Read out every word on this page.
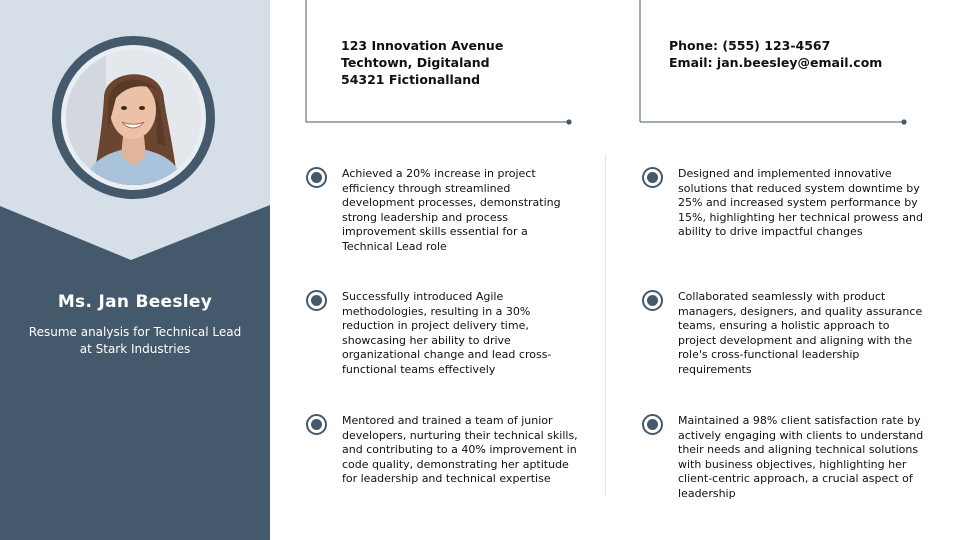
Ms. Jan Beesley
Resume analysis for Technical Lead at Stark Industries
123 Innovation Avenue
Techtown, Digitaland
54321 Fictionalland
Phone: (555) 123-4567
Email: jan.beesley@email.com
Achieved a 20% increase in project efficiency through streamlined development processes, demonstrating strong leadership and process improvement skills essential for a Technical Lead role
Successfully introduced Agile methodologies, resulting in a 30% reduction in project delivery time, showcasing her ability to drive organizational change and lead cross-functional teams effectively
Mentored and trained a team of junior developers, nurturing their technical skills, and contributing to a 40% improvement in code quality, demonstrating her aptitude for leadership and technical expertise
Designed and implemented innovative solutions that reduced system downtime by 25% and increased system performance by 15%, highlighting her technical prowess and ability to drive impactful changes
Collaborated seamlessly with product managers, designers, and quality assurance teams, ensuring a holistic approach to project development and aligning with the role's cross-functional leadership requirements
Maintained a 98% client satisfaction rate by actively engaging with clients to understand their needs and aligning technical solutions with business objectives, highlighting her client-centric approach, a crucial aspect of leadership
